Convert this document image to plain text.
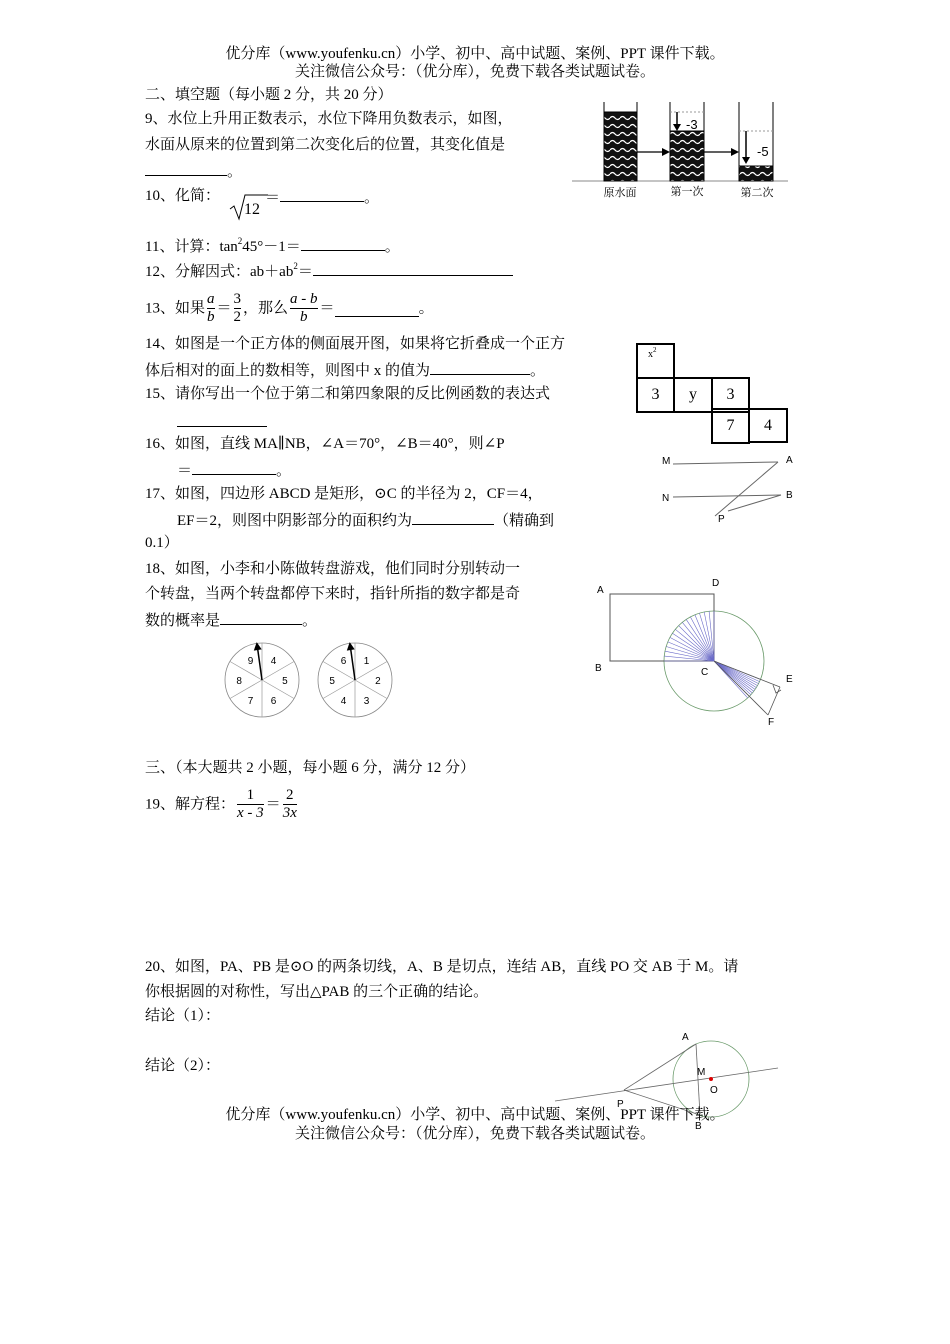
优分库（www.youfenku.cn）小学、初中、高中试题、案例、PPT 课件下载。
关注微信公众号：（优分库），免费下载各类试题试卷。
二、填空题（每小题 2 分，共 20 分）
9、水位上升用正数表示，水位下降用负数表示，如图，
水面从原来的位置到第二次变化后的位置，其变化值是
。
-3
-5
原水面	第一次	第二次
10、化简：
12
＝	。
11、计算：$\tan^245^\circ-1=$	。
12、分解因式：$ab+ab^2=$
13、如果 $\frac{a}{b} = \frac{3}{2}$ ，那么 $\frac{a - b}{b}$ ＝	。
14、如图是一个正方体的侧面展开图，如果将它折叠成一个正方
体后相对的面上的数相等，则图中 x 的值为	。
x 2
3	y	3
7	4
15、请你写出一个位于第二和第四象限的反比例函数的表达式
16、如图，直线 MA∥NB，∠A＝70°，∠B＝40°，则∠P
＝	。
M	A
N	B
P
17、如图，四边形 ABCD 是矩形，⊙C 的半径为 2，CF＝4，
EF＝2，则图中阴影部分的面积约为	（精确到
0.1）
A
D
B	C
E
F
18、如图，小李和小陈做转盘游戏，他们同时分别转动一
个转盘，当两个转盘都停下来时，指针所指的数字都是奇
数的概率是	。
4
5
6
7
8
9	1
2
3
4
5
6
三、（本大题共 2 小题，每小题 6 分，满分 12 分）
19、解方程： $\frac{1}{x - 3} = \frac{2}{3x}$
20、如图，PA、PB 是⊙O 的两条切线，A、B 是切点，连结 AB，直线 PO 交 AB 于 M。请
你根据圆的对称性，写出△PAB 的三个正确的结论。
结论（1）：
结论（2）：
A
M
O
P
B
优分库（www.youfenku.cn）小学、初中、高中试题、案例、PPT 课件下载。
关注微信公众号：（优分库），免费下载各类试题试卷。
